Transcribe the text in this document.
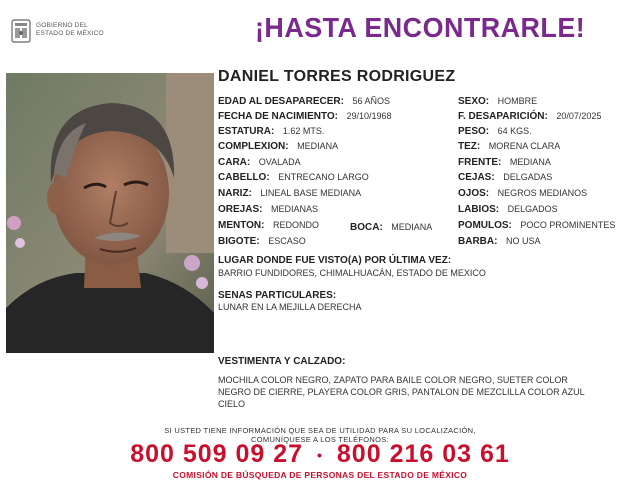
GOBIERNO DEL
ESTADO DE MÉXICO	¡HASTA ENCONTRARLE!
DANIEL TORRES RODRIGUEZ
EDAD AL DESAPARECER: 56 AÑOS
FECHA DE NACIMIENTO: 29/10/1968
ESTATURA: 1.62 MTS.
COMPLEXION: MEDIANA
CARA: OVALADA
CABELLO: ENTRECANO LARGO
NARIZ: LINEAL BASE MEDIANA
OREJAS: MEDIANAS
MENTON: REDONDO	BOCA: MEDIANA
BIGOTE: ESCASO
SEXO: HOMBRE
F. DESAPARICIÓN: 20/07/2025
PESO: 64 KGS.
TEZ: MORENA CLARA
FRENTE: MEDIANA
CEJAS: DELGADAS
OJOS: NEGROS MEDIANOS
LABIOS: DELGADOS
POMULOS: POCO PROMINENTES
BARBA: NO USA
LUGAR DONDE FUE VISTO(A) POR ÚLTIMA VEZ:
BARRIO FUNDIDORES, CHIMALHUACÁN, ESTADO DE MEXICO
SENAS PARTICULARES:
LUNAR EN LA MEJILLA DERECHA
VESTIMENTA Y CALZADO:
MOCHILA COLOR NEGRO, ZAPATO PARA BAILE COLOR NEGRO, SUETER COLOR NEGRO DE CIERRE, PLAYERA COLOR GRIS, PANTALON DE MEZCLILLA COLOR AZUL CIELO
SI USTED TIENE INFORMACIÓN QUE SEA DE UTILIDAD PARA SU LOCALIZACIÓN,
COMUNÍQUESE A LOS TELÉFONOS:
800 509 09 27 • 800 216 03 61
COMISIÓN DE BÚSQUEDA DE PERSONAS DEL ESTADO DE MÉXICO
